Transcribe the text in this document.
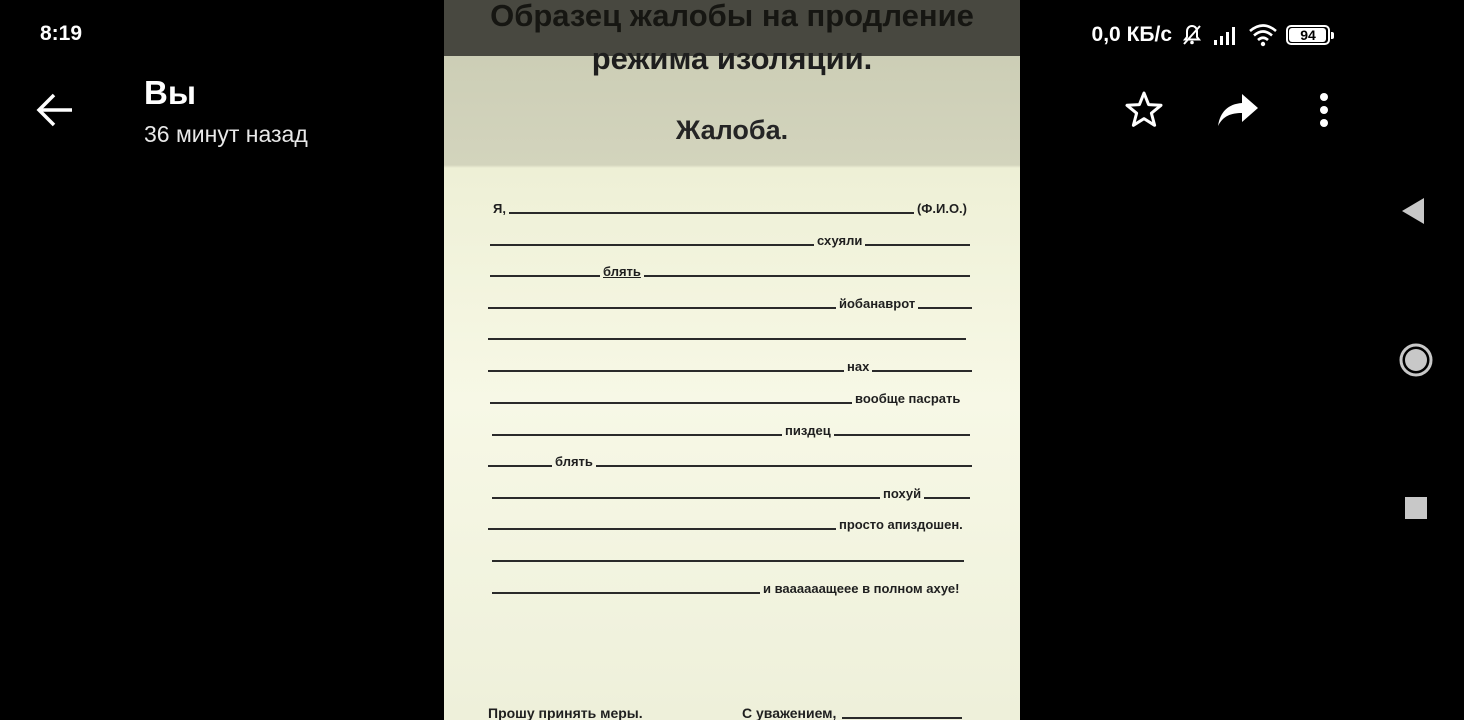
8:19	0,0 КБ/с	94
Вы
36 минут назад
Образец жалобы на продление
режима изоляции.
Жалоба.
Я,	(Ф.И.О.)
схуяли
блять
йобанаврот
нах
вообще пасрать
пиздец
блять
похуй
просто апиздошен.
и ваааааащеее в полном ахуе!
Прошу принять меры.	С уважением,
